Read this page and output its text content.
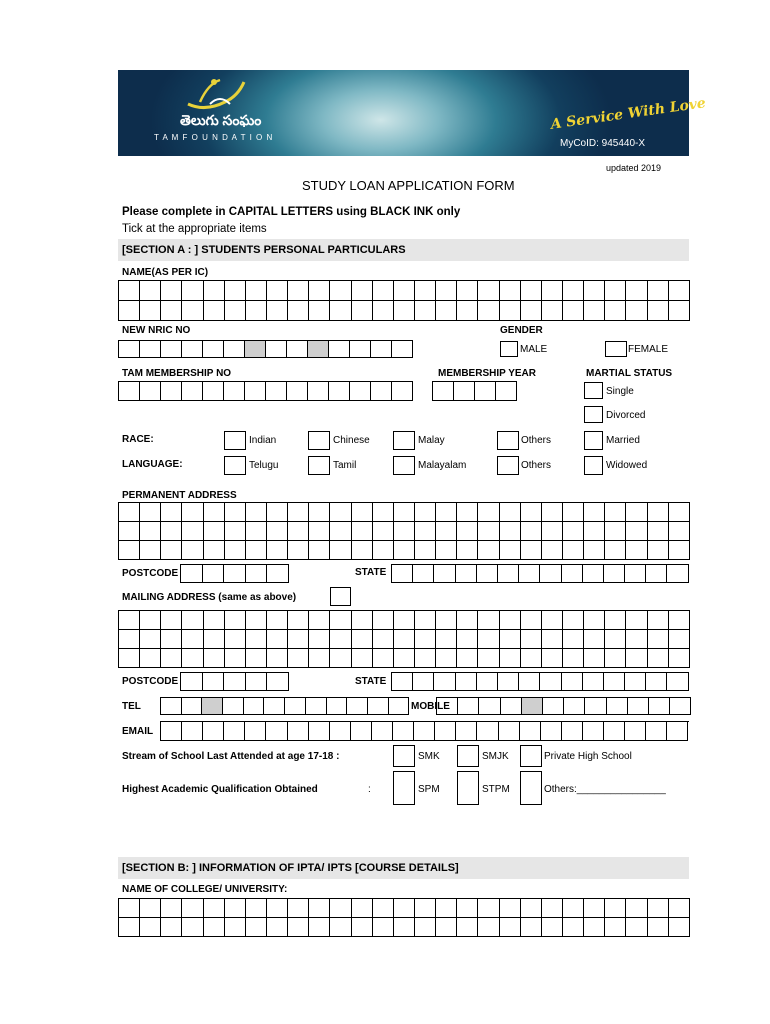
తెలుగు సంఘం
T A M F O U N D A T I O N
A Service With Love
MyCoID: 945440-X
updated 2019
STUDY LOAN APPLICATION FORM
Please complete in CAPITAL LETTERS using BLACK INK only
Tick at the appropriate items
[SECTION A : ] STUDENTS PERSONAL PARTICULARS
NAME(AS PER IC)
NEW NRIC NO	GENDER
MALE	FEMALE
TAM MEMBERSHIP NO	MEMBERSHIP YEAR	MARTIAL STATUS
Single
Divorced
RACE:	Indian	Chinese	Malay	Others	Married
LANGUAGE:	Telugu	Tamil	Malayalam	Others	Widowed
PERMANENT ADDRESS
POSTCODE	STATE
MAILING ADDRESS (same as above)
POSTCODE	STATE
TEL	MOBILE
EMAIL
Stream of School Last Attended at age 17-18 :	SMK	SMJK	Private High School
Highest Academic Qualification Obtained	:	SPM	STPM	Others:________________
[SECTION B: ] INFORMATION OF IPTA/ IPTS [COURSE DETAILS]
NAME OF COLLEGE/ UNIVERSITY:
